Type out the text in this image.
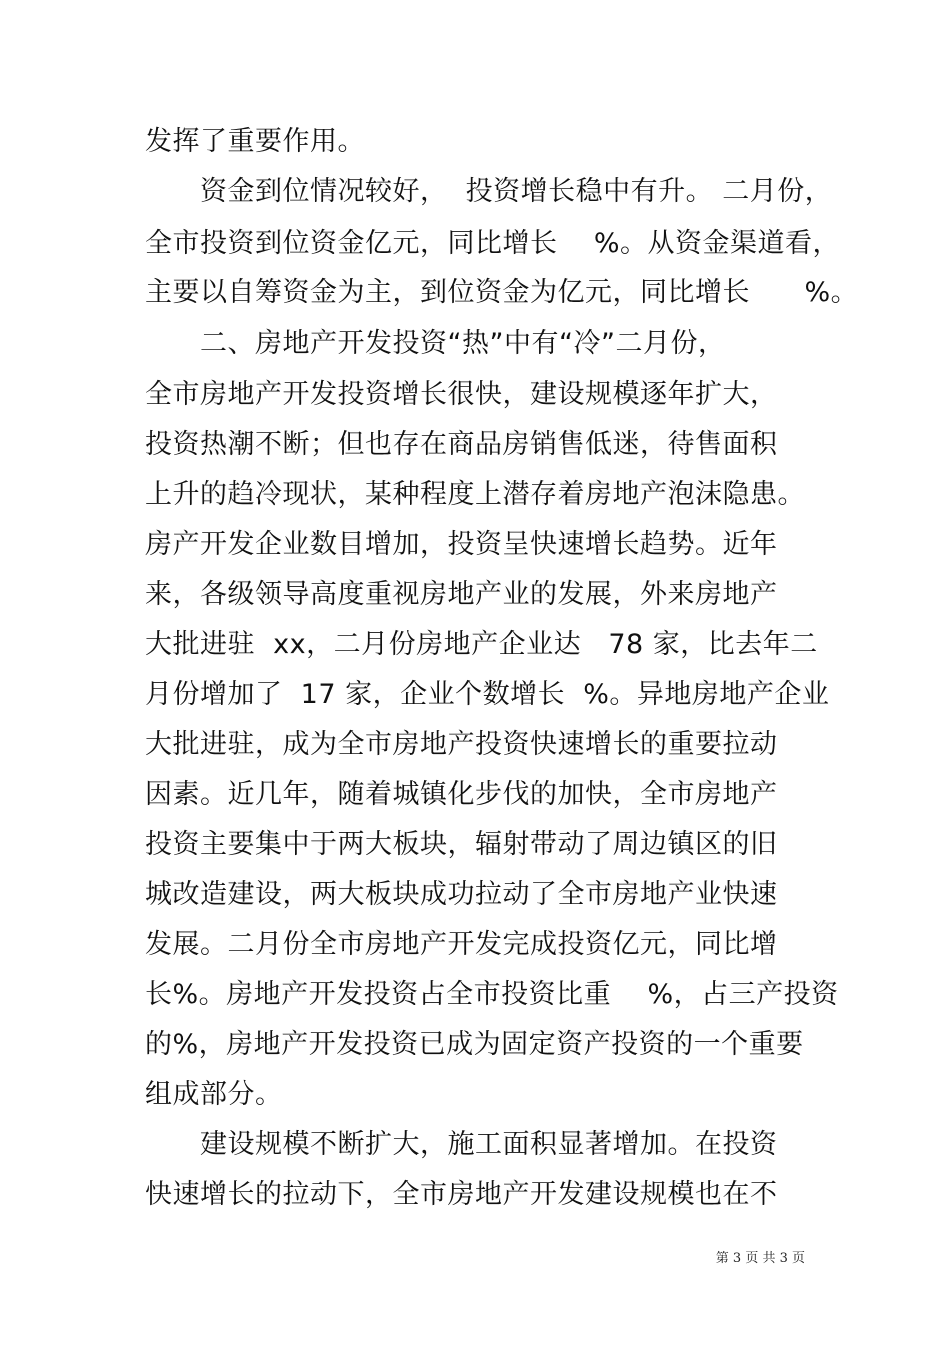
发挥了重要作用。
资金到位情况较好，  投资增长稳中有升。 二月份，
全市投资到位资金亿元，同比增长    %。从资金渠道看，
主要以自筹资金为主，到位资金为亿元，同比增长      %。
二、房地产开发投资“热”中有“冷”二月份，
全市房地产开发投资增长很快，建设规模逐年扩大，
投资热潮不断；但也存在商品房销售低迷，待售面积
上升的趋冷现状，某种程度上潜存着房地产泡沫隐患。
房产开发企业数目增加，投资呈快速增长趋势。近年
来，各级领导高度重视房地产业的发展，外来房地产
大批进驻  xx，二月份房地产企业达   78 家，比去年二
月份增加了  17 家，企业个数增长  %。异地房地产企业
大批进驻，成为全市房地产投资快速增长的重要拉动
因素。近几年，随着城镇化步伐的加快，全市房地产
投资主要集中于两大板块，辐射带动了周边镇区的旧
城改造建设，两大板块成功拉动了全市房地产业快速
发展。二月份全市房地产开发完成投资亿元，同比增
长%。房地产开发投资占全市投资比重    %，占三产投资
的%，房地产开发投资已成为固定资产投资的一个重要
组成部分。
建设规模不断扩大，施工面积显著增加。在投资
快速增长的拉动下，全市房地产开发建设规模也在不
第 3 页 共 3 页
